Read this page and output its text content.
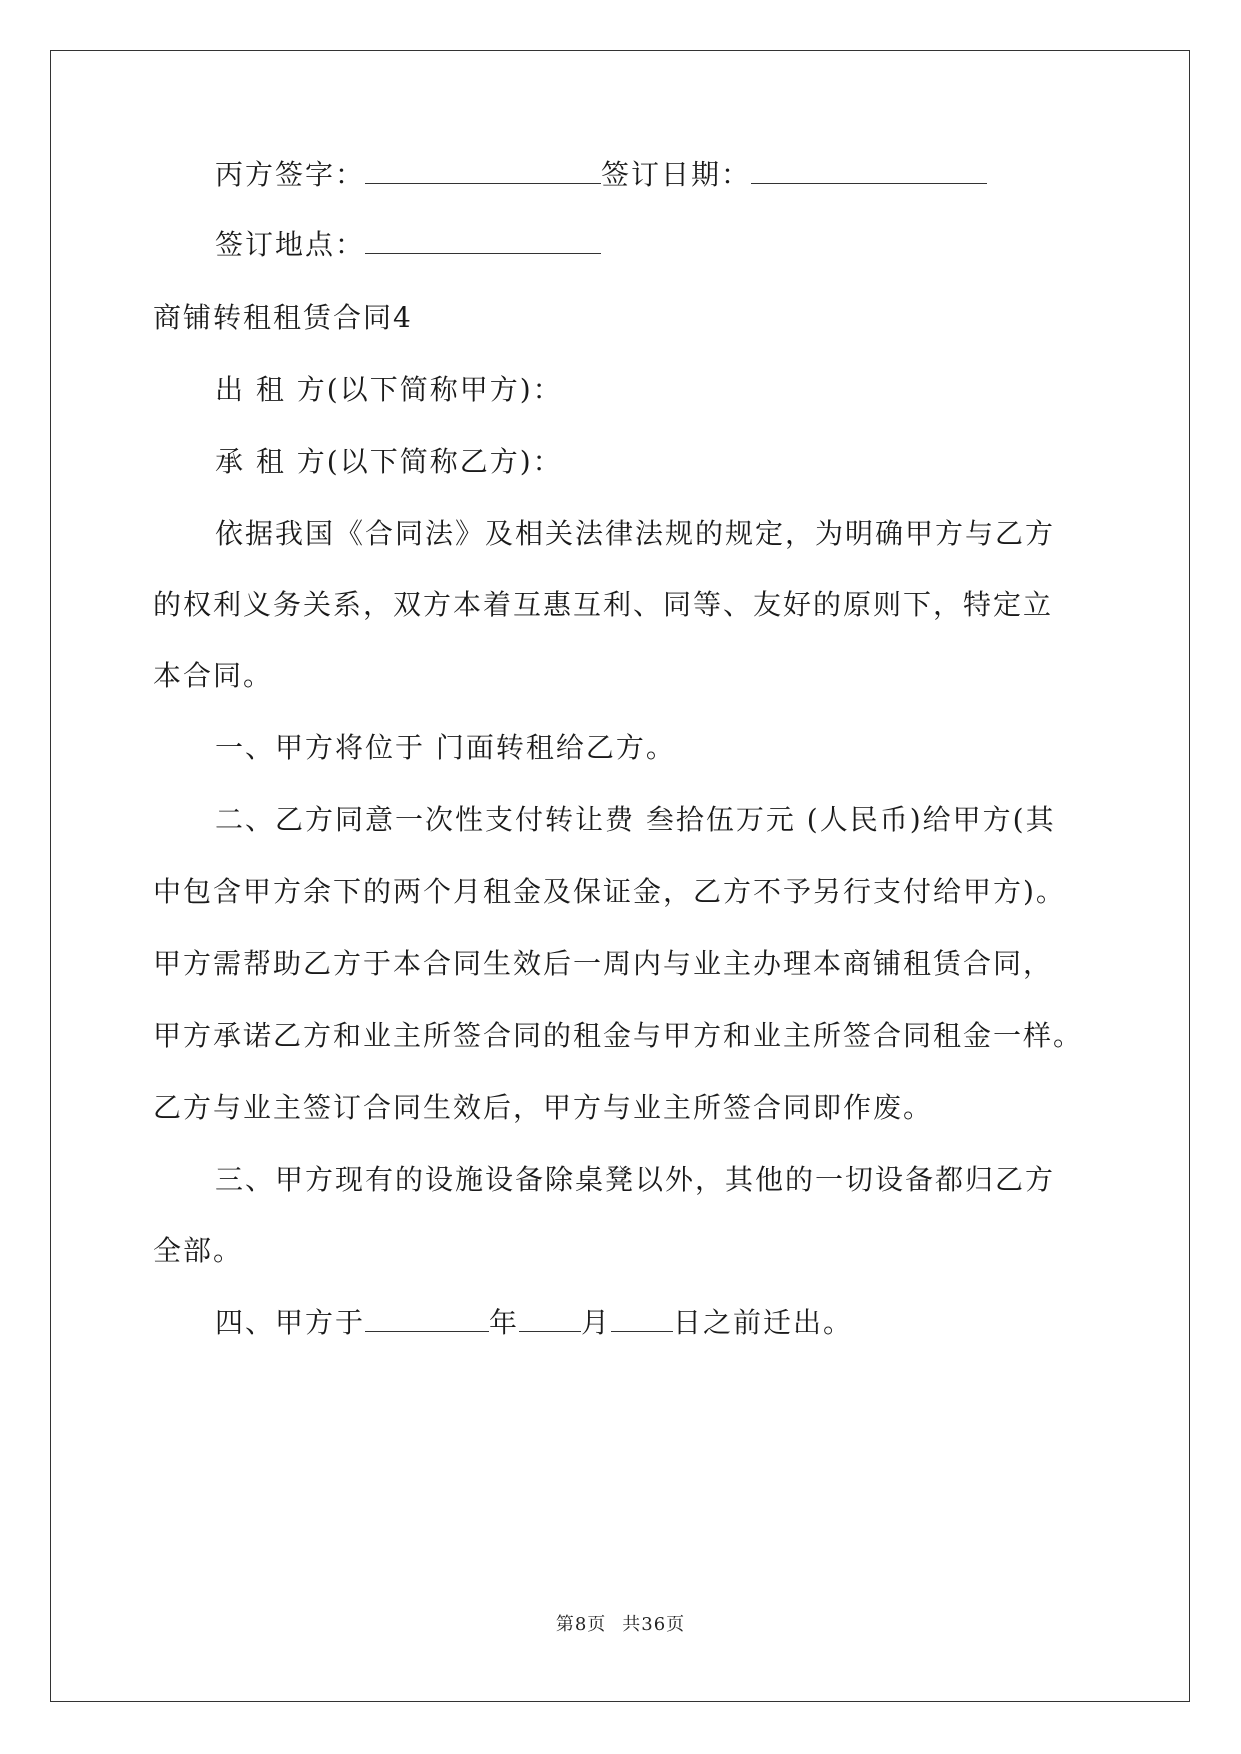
丙方签字：	签订日期：
签订地点：
商铺转租租赁合同4
出 租 方(以下简称甲方)：
承 租 方(以下简称乙方)：
依据我国《合同法》及相关法律法规的规定，为明确甲方与乙方
的权利义务关系，双方本着互惠互利、同等、友好的原则下，特定立
本合同。
一、甲方将位于 门面转租给乙方。
二、乙方同意一次性支付转让费 叁拾伍万元 (人民币)给甲方(其
中包含甲方余下的两个月租金及保证金，乙方不予另行支付给甲方)。
甲方需帮助乙方于本合同生效后一周内与业主办理本商铺租赁合同，
甲方承诺乙方和业主所签合同的租金与甲方和业主所签合同租金一样。
乙方与业主签订合同生效后，甲方与业主所签合同即作废。
三、甲方现有的设施设备除桌凳以外，其他的一切设备都归乙方
全部。
四、甲方于	年 月 日之前迁出。
第8页 共36页
